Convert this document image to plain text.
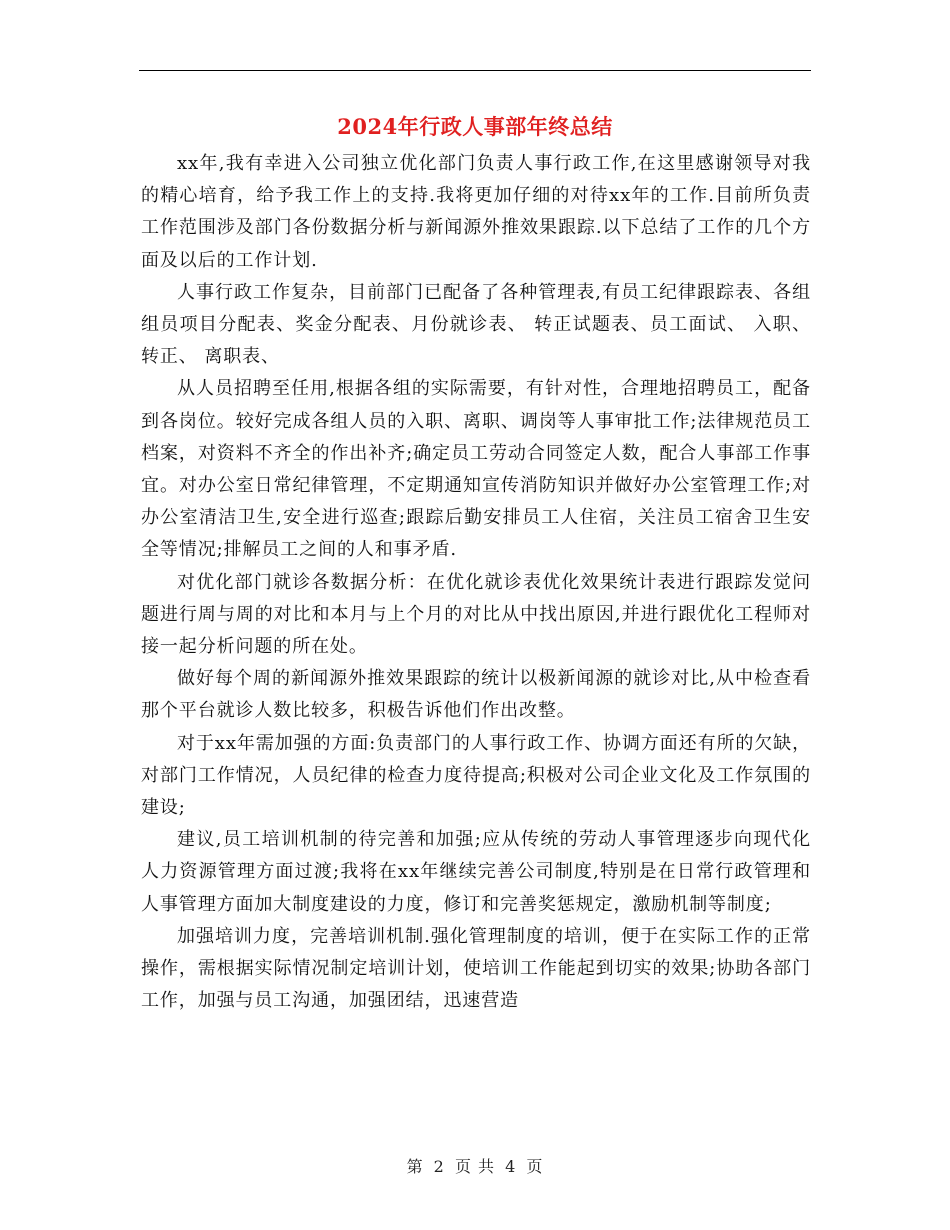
2024年行政人事部年终总结

xx年,我有幸进入公司独立优化部门负责人事行政工作,在这里感谢领导对我的精心培育，给予我工作上的支持.我将更加仔细的对待xx年的工作.目前所负责工作范围涉及部门各份数据分析与新闻源外推效果跟踪.以下总结了工作的几个方面及以后的工作计划.

人事行政工作复杂，目前部门已配备了各种管理表,有员工纪律跟踪表、各组组员项目分配表、奖金分配表、月份就诊表、 转正试题表、员工面试、 入职、 转正、 离职表、

从人员招聘至任用,根据各组的实际需要，有针对性，合理地招聘员工，配备到各岗位。较好完成各组人员的入职、离职、调岗等人事审批工作;法律规范员工档案，对资料不齐全的作出补齐;确定员工劳动合同签定人数，配合人事部工作事宜。对办公室日常纪律管理，不定期通知宣传消防知识并做好办公室管理工作;对办公室清洁卫生,安全进行巡查;跟踪后勤安排员工人住宿，关注员工宿舍卫生安全等情况;排解员工之间的人和事矛盾.

对优化部门就诊各数据分析：在优化就诊表优化效果统计表进行跟踪发觉问题进行周与周的对比和本月与上个月的对比从中找出原因,并进行跟优化工程师对接一起分析问题的所在处。

做好每个周的新闻源外推效果跟踪的统计以极新闻源的就诊对比,从中检查看那个平台就诊人数比较多，积极告诉他们作出改整。

对于xx年需加强的方面:负责部门的人事行政工作、协调方面还有所的欠缺，对部门工作情况，人员纪律的检查力度待提高;积极对公司企业文化及工作氛围的建设;

建议,员工培训机制的待完善和加强;应从传统的劳动人事管理逐步向现代化人力资源管理方面过渡;我将在xx年继续完善公司制度,特别是在日常行政管理和人事管理方面加大制度建设的力度，修订和完善奖惩规定，激励机制等制度;

加强培训力度，完善培训机制.强化管理制度的培训，便于在实际工作的正常操作，需根据实际情况制定培训计划，使培训工作能起到切实的效果;协助各部门工作，加强与员工沟通，加强团结，迅速营造

第 2 页 共 4 页
